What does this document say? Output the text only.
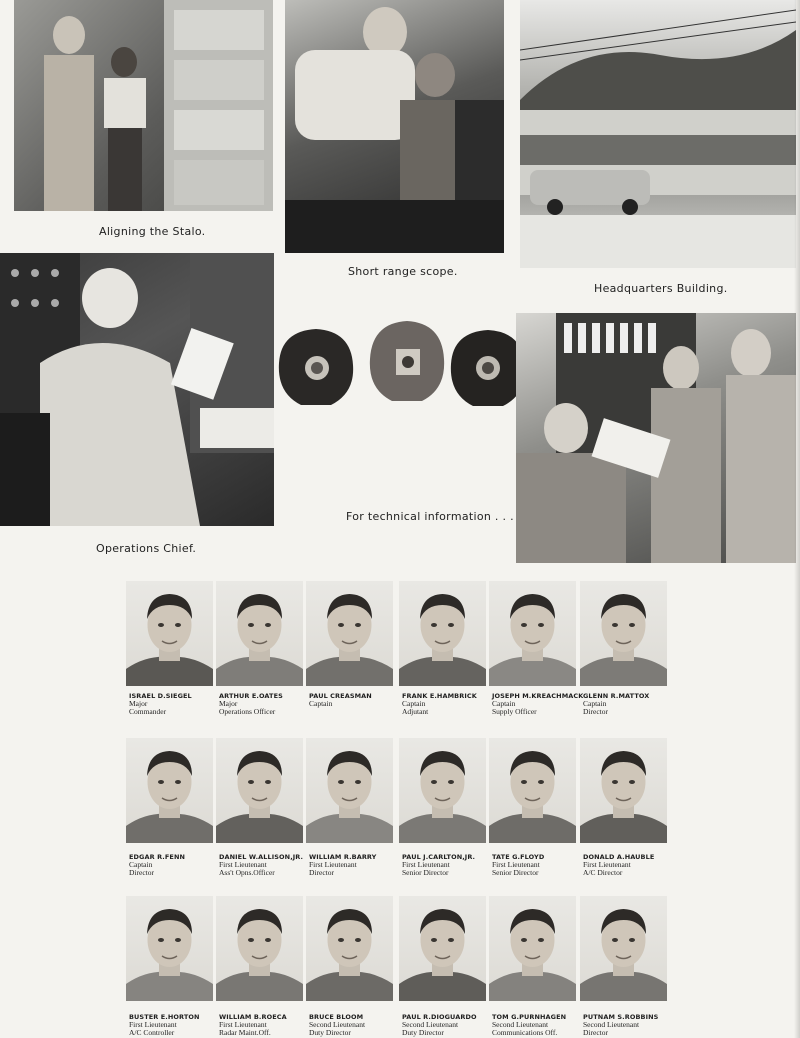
Aligning the Stalo.
Short range scope.
Headquarters Building.
Operations Chief.
For technical information . . .
ISRAEL D.SIEGEL
Major
Commander
ARTHUR E.OATES
Major
Operations Officer
PAUL CREASMAN
Captain
FRANK E.HAMBRICK
Captain
Adjutant
JOSEPH M.KREACHMACK
Captain
Supply Officer
GLENN R.MATTOX
Captain
Director
EDGAR R.FENN
Captain
Director
DANIEL W.ALLISON,JR.
First Lieutenant
Ass't Opns.Officer
WILLIAM R.BARRY
First Lieutenant
Director
PAUL J.CARLTON,JR.
First Lieutenant
Senior Director
TATE G.FLOYD
First Lieutenant
Senior Director
DONALD A.HAUBLE
First Lieutenant
A/C Director
BUSTER E.HORTON
First Lieutenant
A/C Controller
WILLIAM B.ROECA
First Lieutenant
Radar Maint.Off.
BRUCE BLOOM
Second Lieutenant
Duty Director
PAUL R.DIOGUARDO
Second Lieutenant
Duty Director
TOM G.PURNHAGEN
Second Lieutenant
Communications Off.
PUTNAM S.ROBBINS
Second Lieutenant
Director
